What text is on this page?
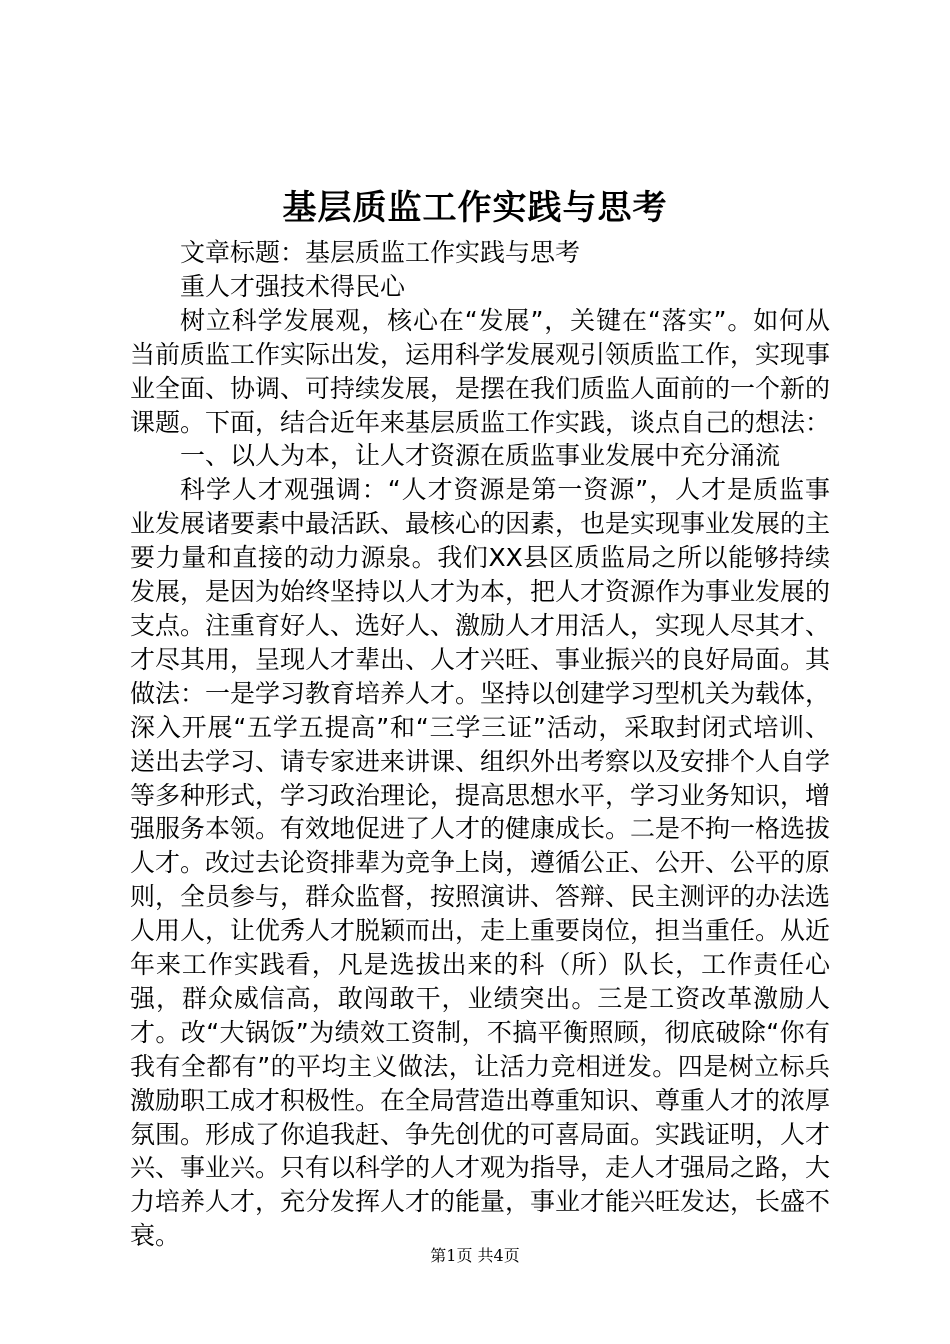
基层质监工作实践与思考

文章标题：基层质监工作实践与思考

重人才强技术得民心

树立科学发展观，核心在“发展”，关键在“落实”。如何从当前质监工作实际出发，运用科学发展观引领质监工作，实现事业全面、协调、可持续发展，是摆在我们质监人面前的一个新的课题。下面，结合近年来基层质监工作实践，谈点自己的想法：

一、以人为本，让人才资源在质监事业发展中充分涌流

科学人才观强调：“人才资源是第一资源”，人才是质监事业发展诸要素中最活跃、最核心的因素，也是实现事业发展的主要力量和直接的动力源泉。我们XX县区质监局之所以能够持续发展，是因为始终坚持以人才为本，把人才资源作为事业发展的支点。注重育好人、选好人、激励人才用活人，实现人尽其才、才尽其用，呈现人才辈出、人才兴旺、事业振兴的良好局面。其做法：一是学习教育培养人才。坚持以创建学习型机关为载体，深入开展“五学五提高”和“三学三证”活动，采取封闭式培训、送出去学习、请专家进来讲课、组织外出考察以及安排个人自学等多种形式，学习政治理论，提高思想水平，学习业务知识，增强服务本领。有效地促进了人才的健康成长。二是不拘一格选拔人才。改过去论资排辈为竞争上岗，遵循公正、公开、公平的原则，全员参与，群众监督，按照演讲、答辩、民主测评的办法选人用人，让优秀人才脱颖而出，走上重要岗位，担当重任。从近年来工作实践看，凡是选拔出来的科（所）队长，工作责任心强，群众威信高，敢闯敢干，业绩突出。三是工资改革激励人才。改“大锅饭”为绩效工资制，不搞平衡照顾，彻底破除“你有我有全都有”的平均主义做法，让活力竞相迸发。四是树立标兵激励职工成才积极性。在全局营造出尊重知识、尊重人才的浓厚氛围。形成了你追我赶、争先创优的可喜局面。实践证明，人才兴、事业兴。只有以科学的人才观为指导，走人才强局之路，大力培养人才，充分发挥人才的能量，事业才能兴旺发达，长盛不衰。

第1页 共4页
